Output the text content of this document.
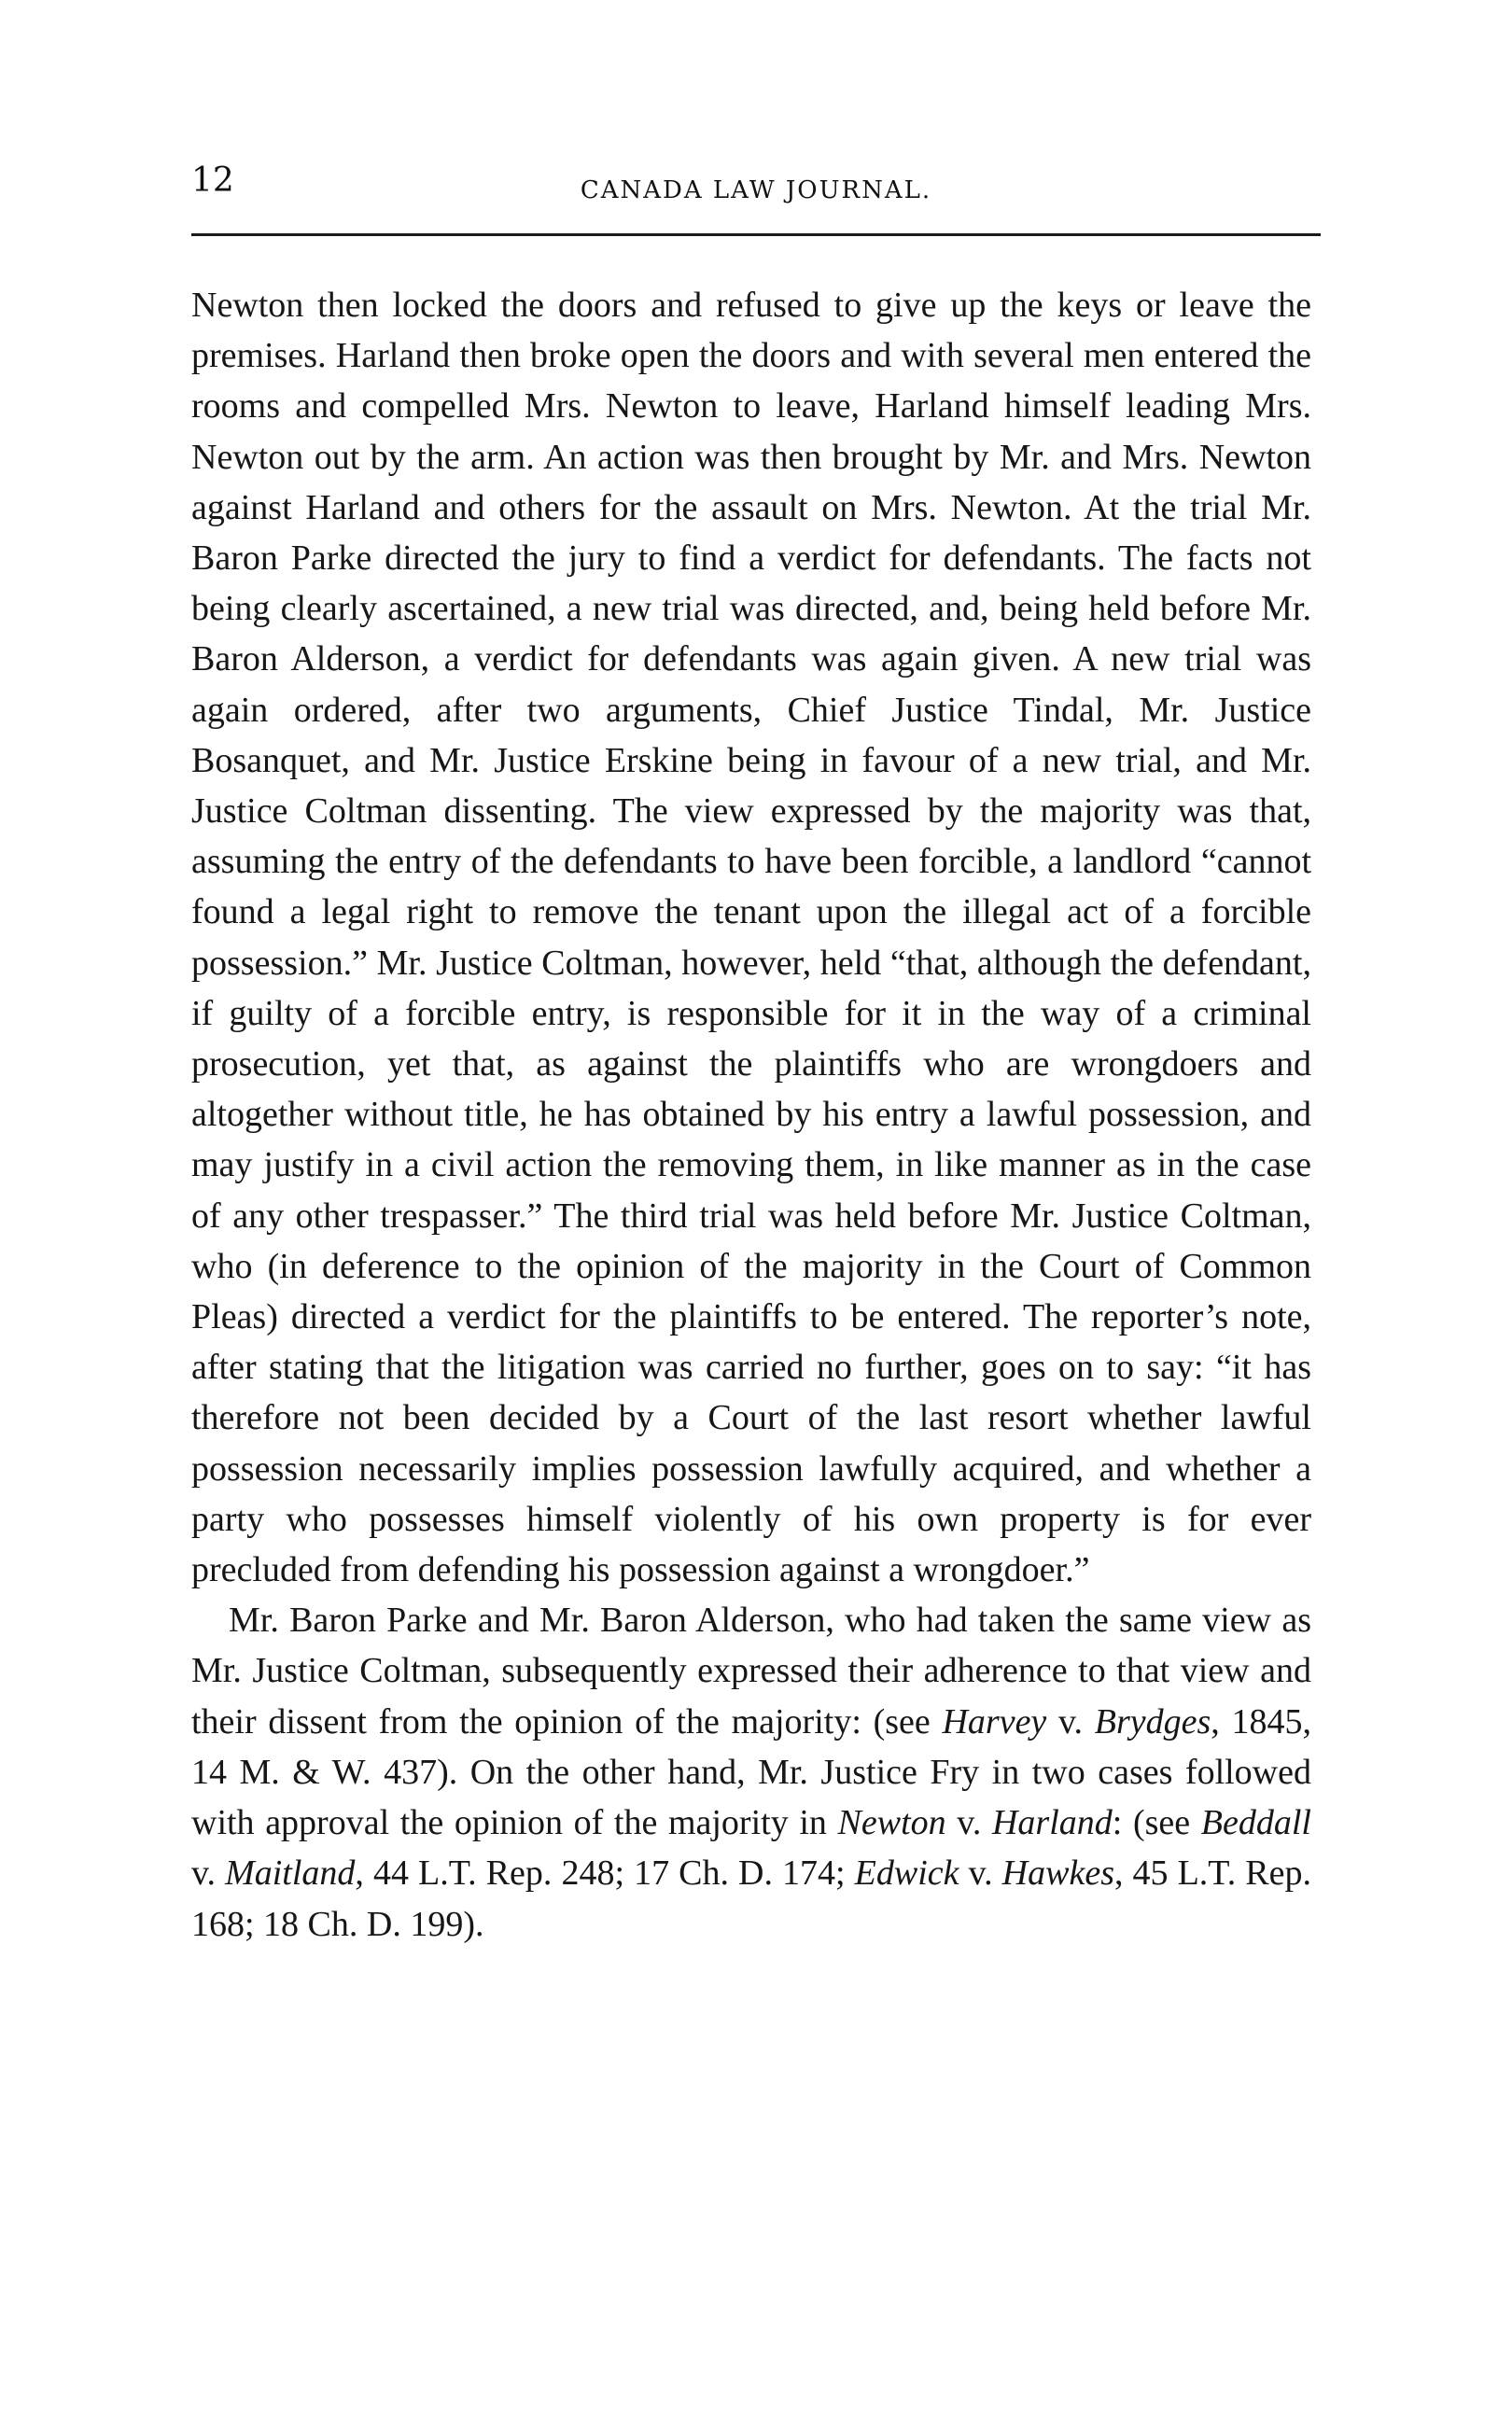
12	CANADA LAW JOURNAL.

Newton then locked the doors and refused to give up the keys or leave the premises. Harland then broke open the doors and with several men entered the rooms and compelled Mrs. Newton to leave, Harland himself leading Mrs. Newton out by the arm. An action was then brought by Mr. and Mrs. Newton against Harland and others for the assault on Mrs. Newton. At the trial Mr. Baron Parke directed the jury to find a verdict for defendants. The facts not being clearly ascertained, a new trial was directed, and, being held before Mr. Baron Alderson, a verdict for defendants was again given. A new trial was again ordered, after two arguments, Chief Justice Tindal, Mr. Justice Bosanquet, and Mr. Justice Erskine being in favour of a new trial, and Mr. Justice Coltman dissenting. The view expressed by the majority was that, assuming the entry of the defendants to have been forcible, a landlord “cannot found a legal right to remove the tenant upon the illegal act of a forcible possession.” Mr. Justice Coltman, however, held “that, although the defendant, if guilty of a forcible entry, is responsible for it in the way of a criminal prosecution, yet that, as against the plaintiffs who are wrongdoers and altogether without title, he has obtained by his entry a lawful possession, and may justify in a civil action the removing them, in like manner as in the case of any other trespasser.” The third trial was held before Mr. Justice Coltman, who (in deference to the opinion of the majority in the Court of Common Pleas) directed a verdict for the plaintiffs to be entered. The reporter’s note, after stating that the litigation was carried no further, goes on to say: “it has therefore not been decided by a Court of the last resort whether lawful possession necessarily implies possession lawfully acquired, and whether a party who possesses himself violently of his own property is for ever precluded from defending his possession against a wrongdoer.”

Mr. Baron Parke and Mr. Baron Alderson, who had taken the same view as Mr. Justice Coltman, subsequently expressed their adherence to that view and their dissent from the opinion of the majority: (see Harvey v. Brydges, 1845, 14 M. & W. 437). On the other hand, Mr. Justice Fry in two cases followed with approval the opinion of the majority in Newton v. Harland: (see Beddall v. Maitland, 44 L.T. Rep. 248; 17 Ch. D. 174; Edwick v. Hawkes, 45 L.T. Rep. 168; 18 Ch. D. 199).
